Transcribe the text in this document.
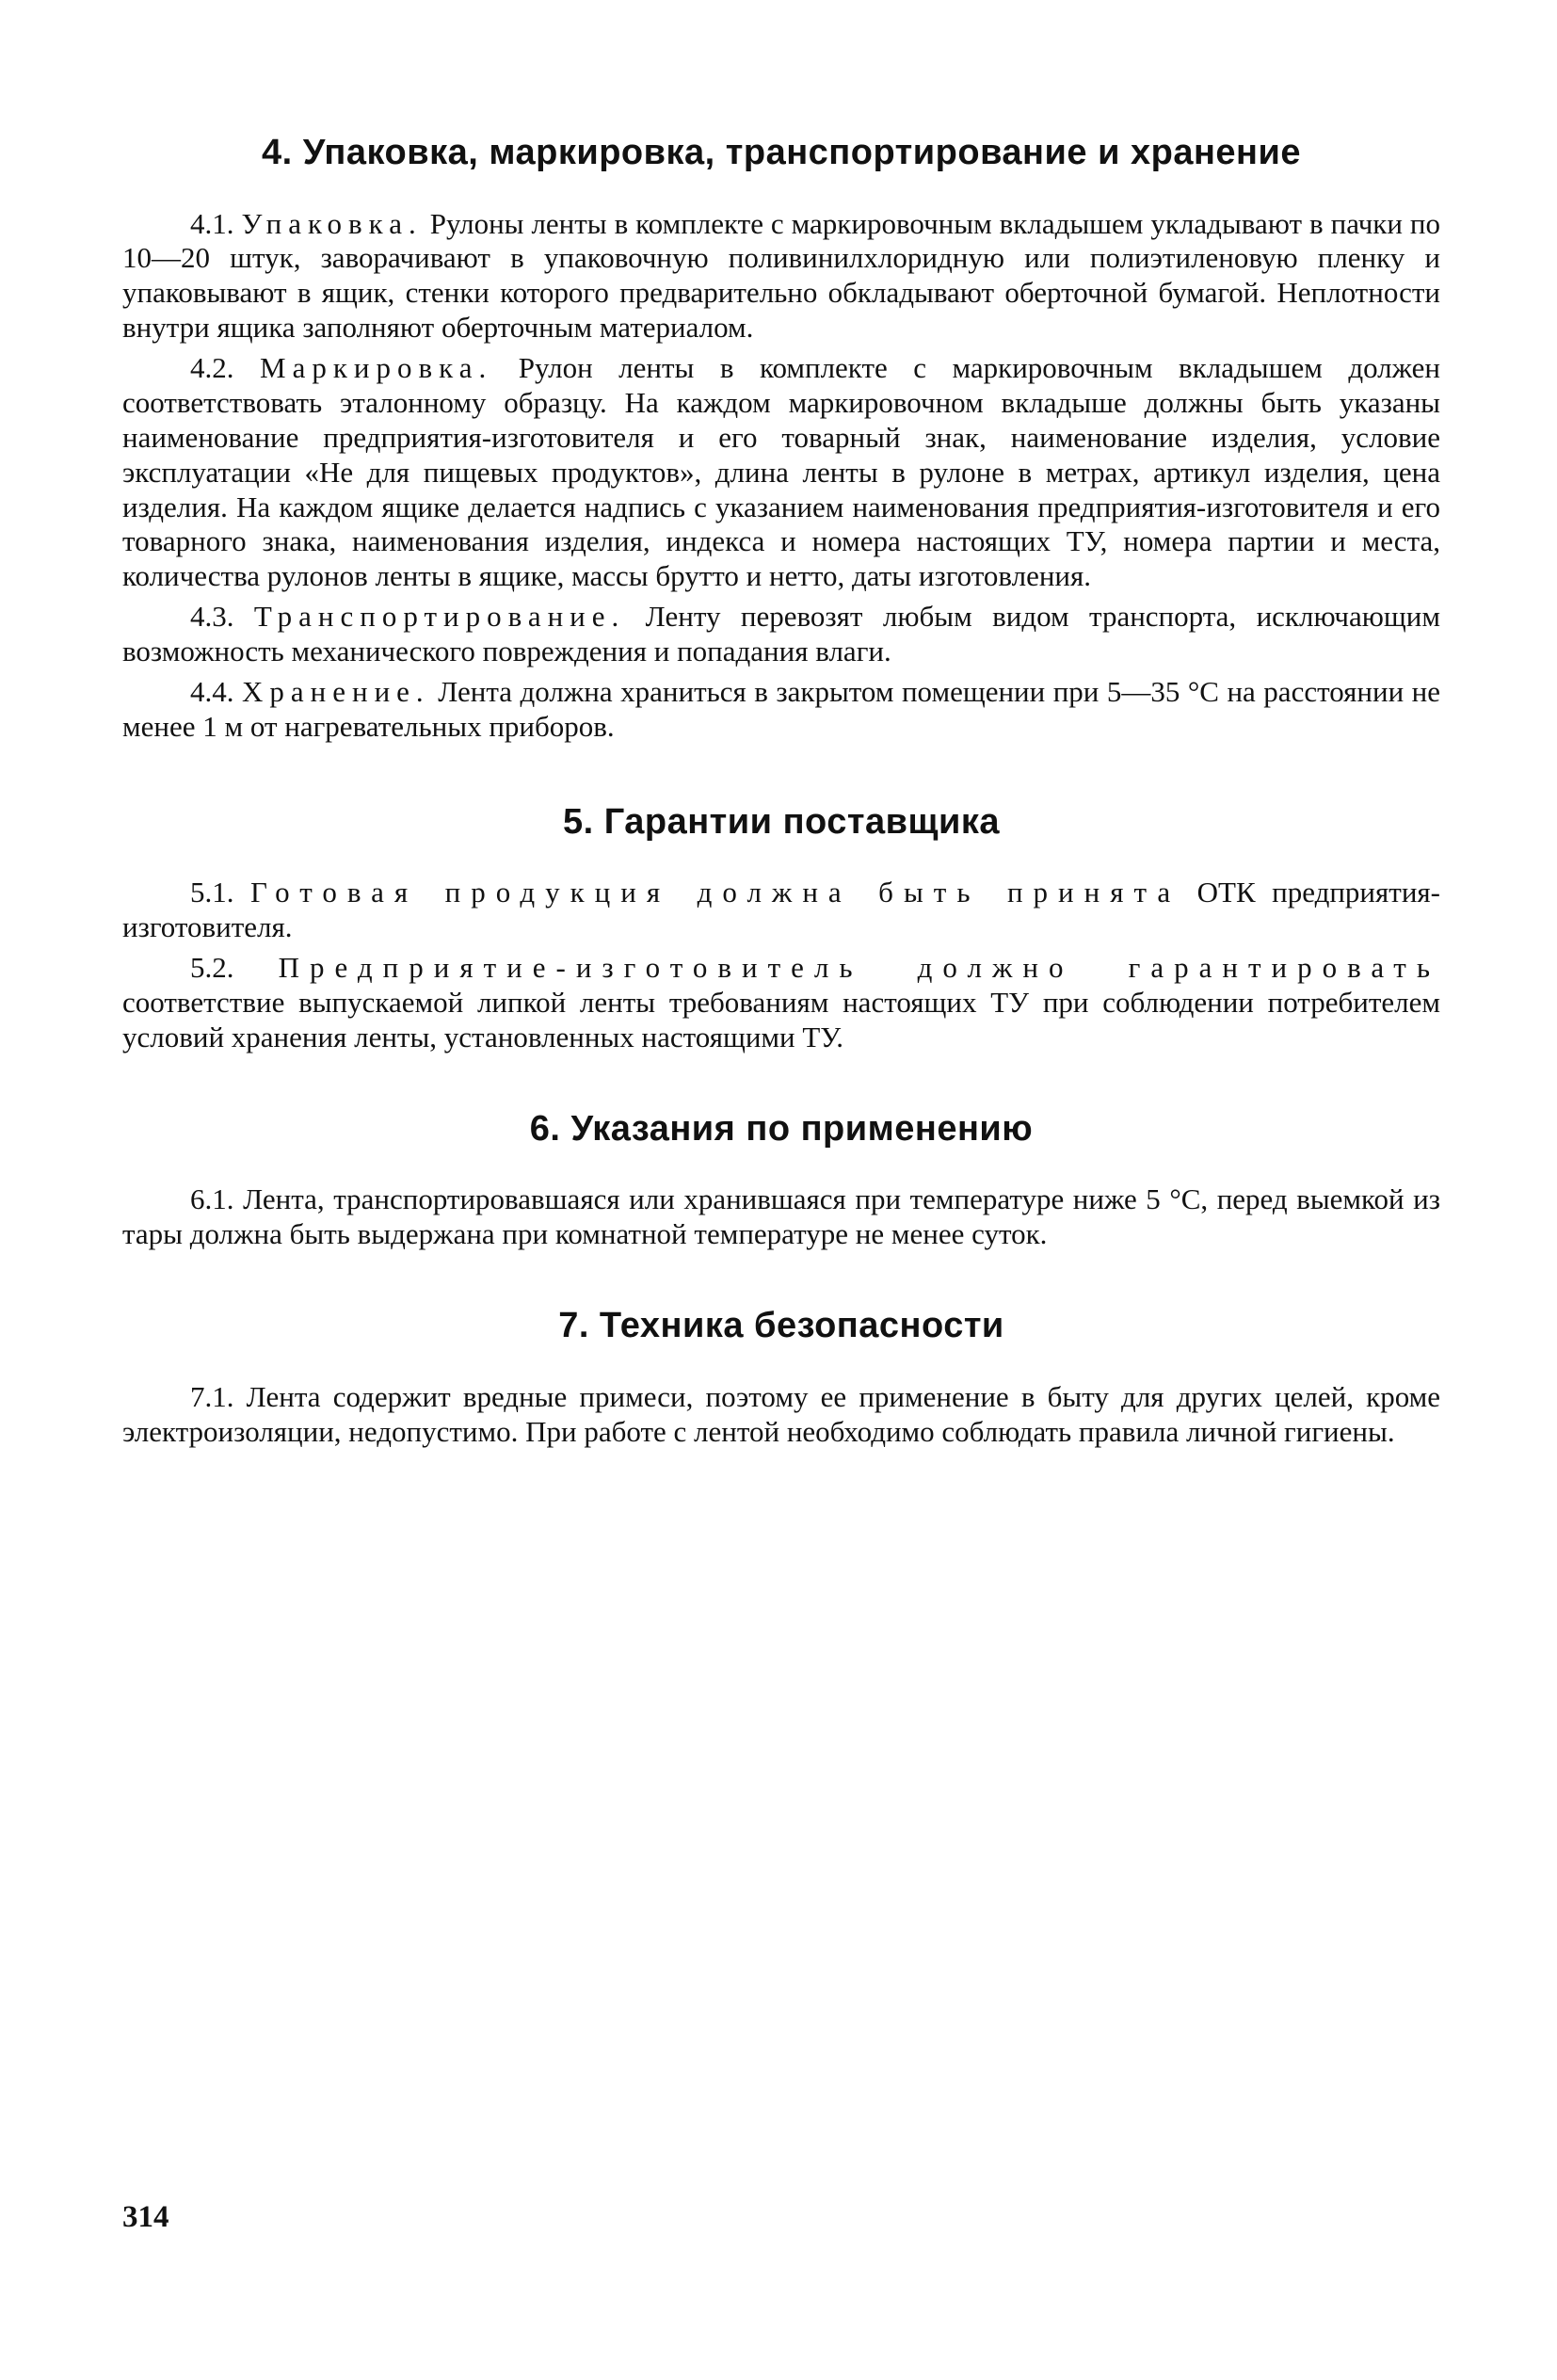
4. Упаковка, маркировка, транспортирование и хранение

4.1. Упаковка. Рулоны ленты в комплекте с маркировочным вкладышем укладывают в пачки по 10—20 штук, заворачивают в упаковочную поливинилхлоридную или полиэтиленовую пленку и упаковывают в ящик, стенки которого предварительно обкладывают оберточной бумагой. Неплотности внутри ящика заполняют оберточным материалом.

4.2. Маркировка. Рулон ленты в комплекте с маркировочным вкладышем должен соответствовать эталонному образцу. На каждом маркировочном вкладыше должны быть указаны наименование предприятия-изготовителя и его товарный знак, наименование изделия, условие эксплуатации «Не для пищевых продуктов», длина ленты в рулоне в метрах, артикул изделия, цена изделия. На каждом ящике делается надпись с указанием наименования предприятия-изготовителя и его товарного знака, наименования изделия, индекса и номера настоящих ТУ, номера партии и места, количества рулонов ленты в ящике, массы брутто и нетто, даты изготовления.

4.3. Транспортирование. Ленту перевозят любым видом транспорта, исключающим возможность механического повреждения и попадания влаги.

4.4. Хранение. Лента должна храниться в закрытом помещении при 5—35 °С на расстоянии не менее 1 м от нагревательных приборов.

5. Гарантии поставщика

5.1. Готовая продукция должна быть принята ОТК предприятия-изготовителя.

5.2. Предприятие-изготовитель должно гарантировать соответствие выпускаемой липкой ленты требованиям настоящих ТУ при соблюдении потребителем условий хранения ленты, установленных настоящими ТУ.

6. Указания по применению

6.1. Лента, транспортировавшаяся или хранившаяся при температуре ниже 5 °С, перед выемкой из тары должна быть выдержана при комнатной температуре не менее суток.

7. Техника безопасности

7.1. Лента содержит вредные примеси, поэтому ее применение в быту для других целей, кроме электроизоляции, недопустимо. При работе с лентой необходимо соблюдать правила личной гигиены.

314
